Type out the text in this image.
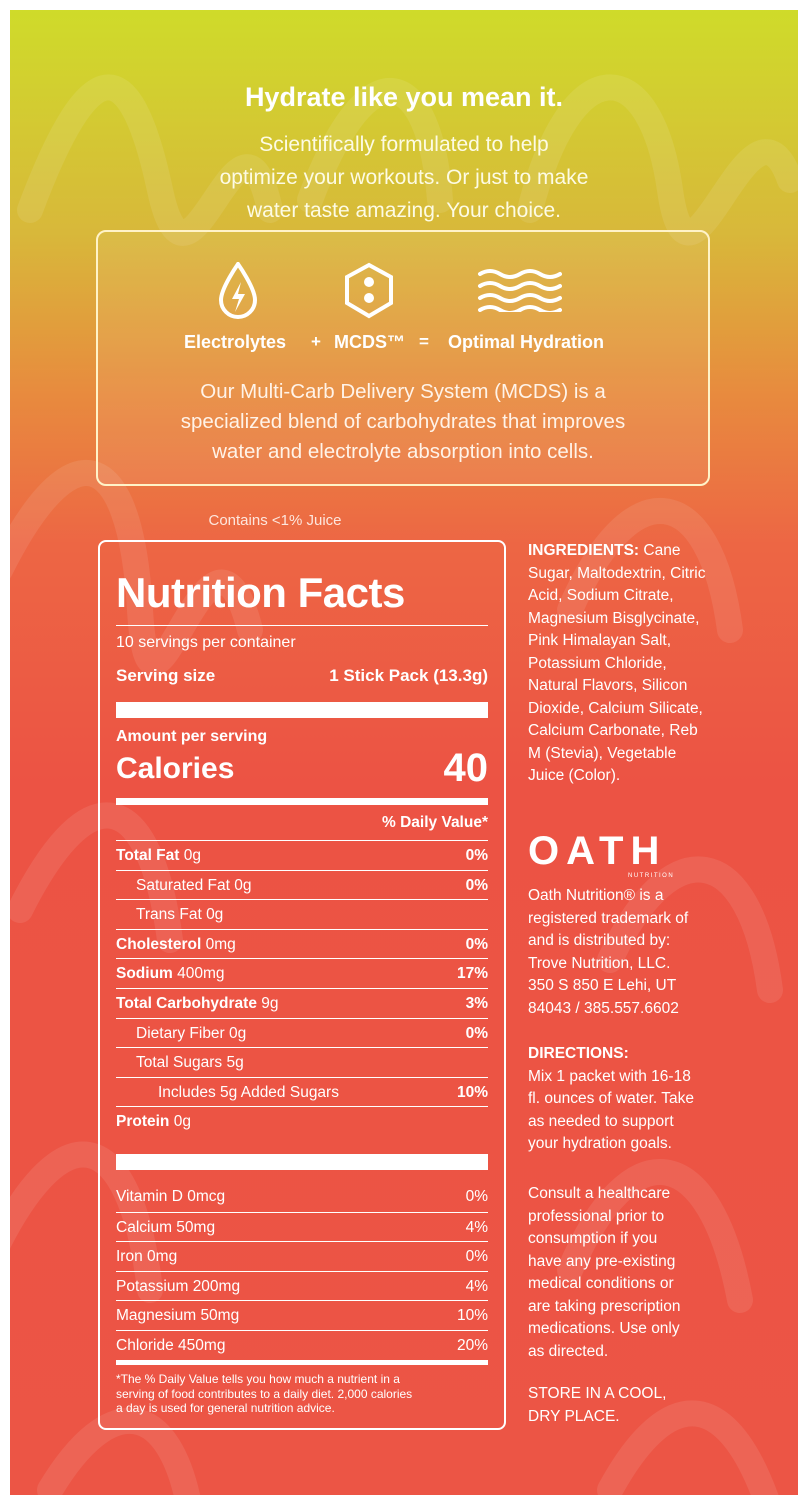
Hydrate like you mean it.
Scientifically formulated to help
optimize your workouts. Or just to make
water taste amazing. Your choice.
Electrolytes + MCDS™ = Optimal Hydration
Our Multi-Carb Delivery System (MCDS) is a
specialized blend of carbohydrates that improves
water and electrolyte absorption into cells.
Contains <1% Juice
Nutrition Facts
10 servings per container
Serving size	1 Stick Pack (13.3g)
Amount per serving
Calories	40
% Daily Value*
Total Fat 0g	0%
Saturated Fat 0g	0%
Trans Fat 0g
Cholesterol 0mg	0%
Sodium 400mg	17%
Total Carbohydrate 9g	3%
Dietary Fiber 0g	0%
Total Sugars 5g
Includes 5g Added Sugars	10%
Protein 0g
Vitamin D 0mcg	0%
Calcium 50mg	4%
Iron 0mg	0%
Potassium 200mg	4%
Magnesium 50mg	10%
Chloride 450mg	20%
*The % Daily Value tells you how much a nutrient in a
serving of food contributes to a daily diet. 2,000 calories
a day is used for general nutrition advice.
INGREDIENTS: Cane
Sugar, Maltodextrin, Citric
Acid, Sodium Citrate,
Magnesium Bisglycinate,
Pink Himalayan Salt,
Potassium Chloride,
Natural Flavors, Silicon
Dioxide, Calcium Silicate,
Calcium Carbonate, Reb
M (Stevia), Vegetable
Juice (Color).
OATH
NUTRITION
Oath Nutrition® is a
registered trademark of
and is distributed by:
Trove Nutrition, LLC.
350 S 850 E Lehi, UT
84043 / 385.557.6602
DIRECTIONS:
Mix 1 packet with 16-18
fl. ounces of water. Take
as needed to support
your hydration goals.
Consult a healthcare
professional prior to
consumption if you
have any pre-existing
medical conditions or
are taking prescription
medications. Use only
as directed.
STORE IN A COOL,
DRY PLACE.
